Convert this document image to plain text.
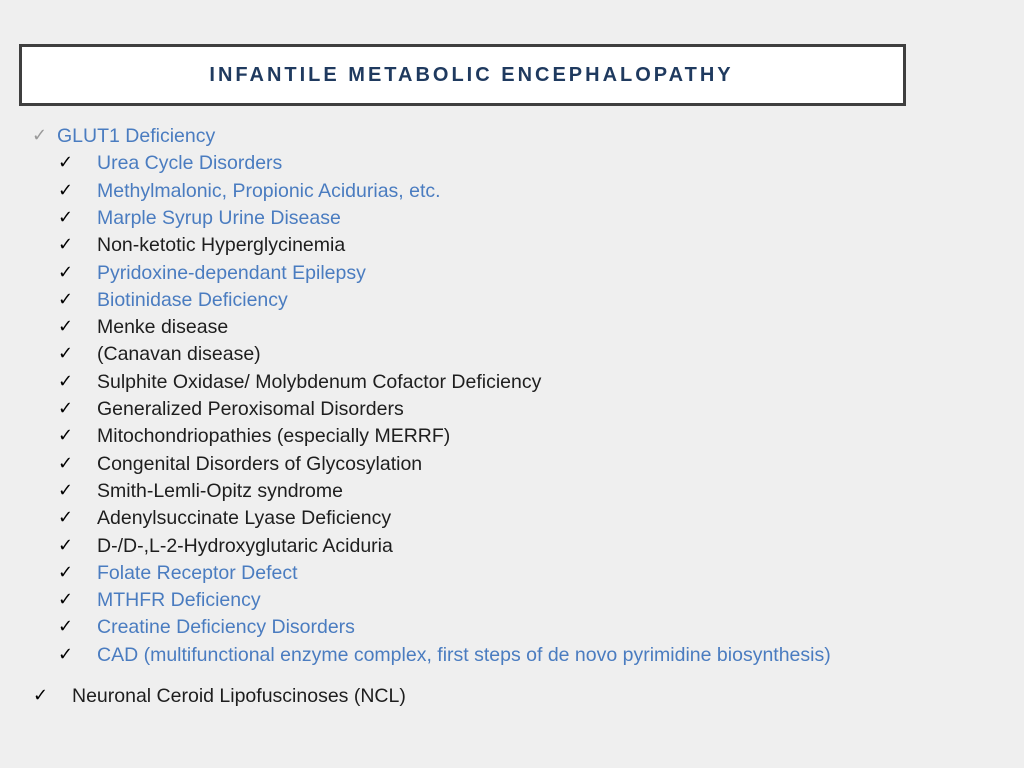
INFANTILE METABOLIC ENCEPHALOPATHY
✓ GLUT1 Deficiency
✓ Urea Cycle Disorders
✓ Methylmalonic, Propionic Acidurias, etc.
✓ Marple Syrup Urine Disease
✓ Non-ketotic Hyperglycinemia
✓ Pyridoxine-dependant Epilepsy
✓ Biotinidase Deficiency
✓ Menke disease
✓ (Canavan disease)
✓ Sulphite Oxidase/ Molybdenum Cofactor Deficiency
✓ Generalized Peroxisomal Disorders
✓ Mitochondriopathies (especially MERRF)
✓ Congenital Disorders of Glycosylation
✓ Smith-Lemli-Opitz syndrome
✓ Adenylsuccinate Lyase Deficiency
✓ D-/D-,L-2-Hydroxyglutaric Aciduria
✓ Folate Receptor Defect
✓ MTHFR Deficiency
✓ Creatine Deficiency Disorders
✓ CAD (multifunctional enzyme complex, first steps of de novo pyrimidine biosynthesis)
✓ Neuronal Ceroid Lipofuscinoses (NCL)
